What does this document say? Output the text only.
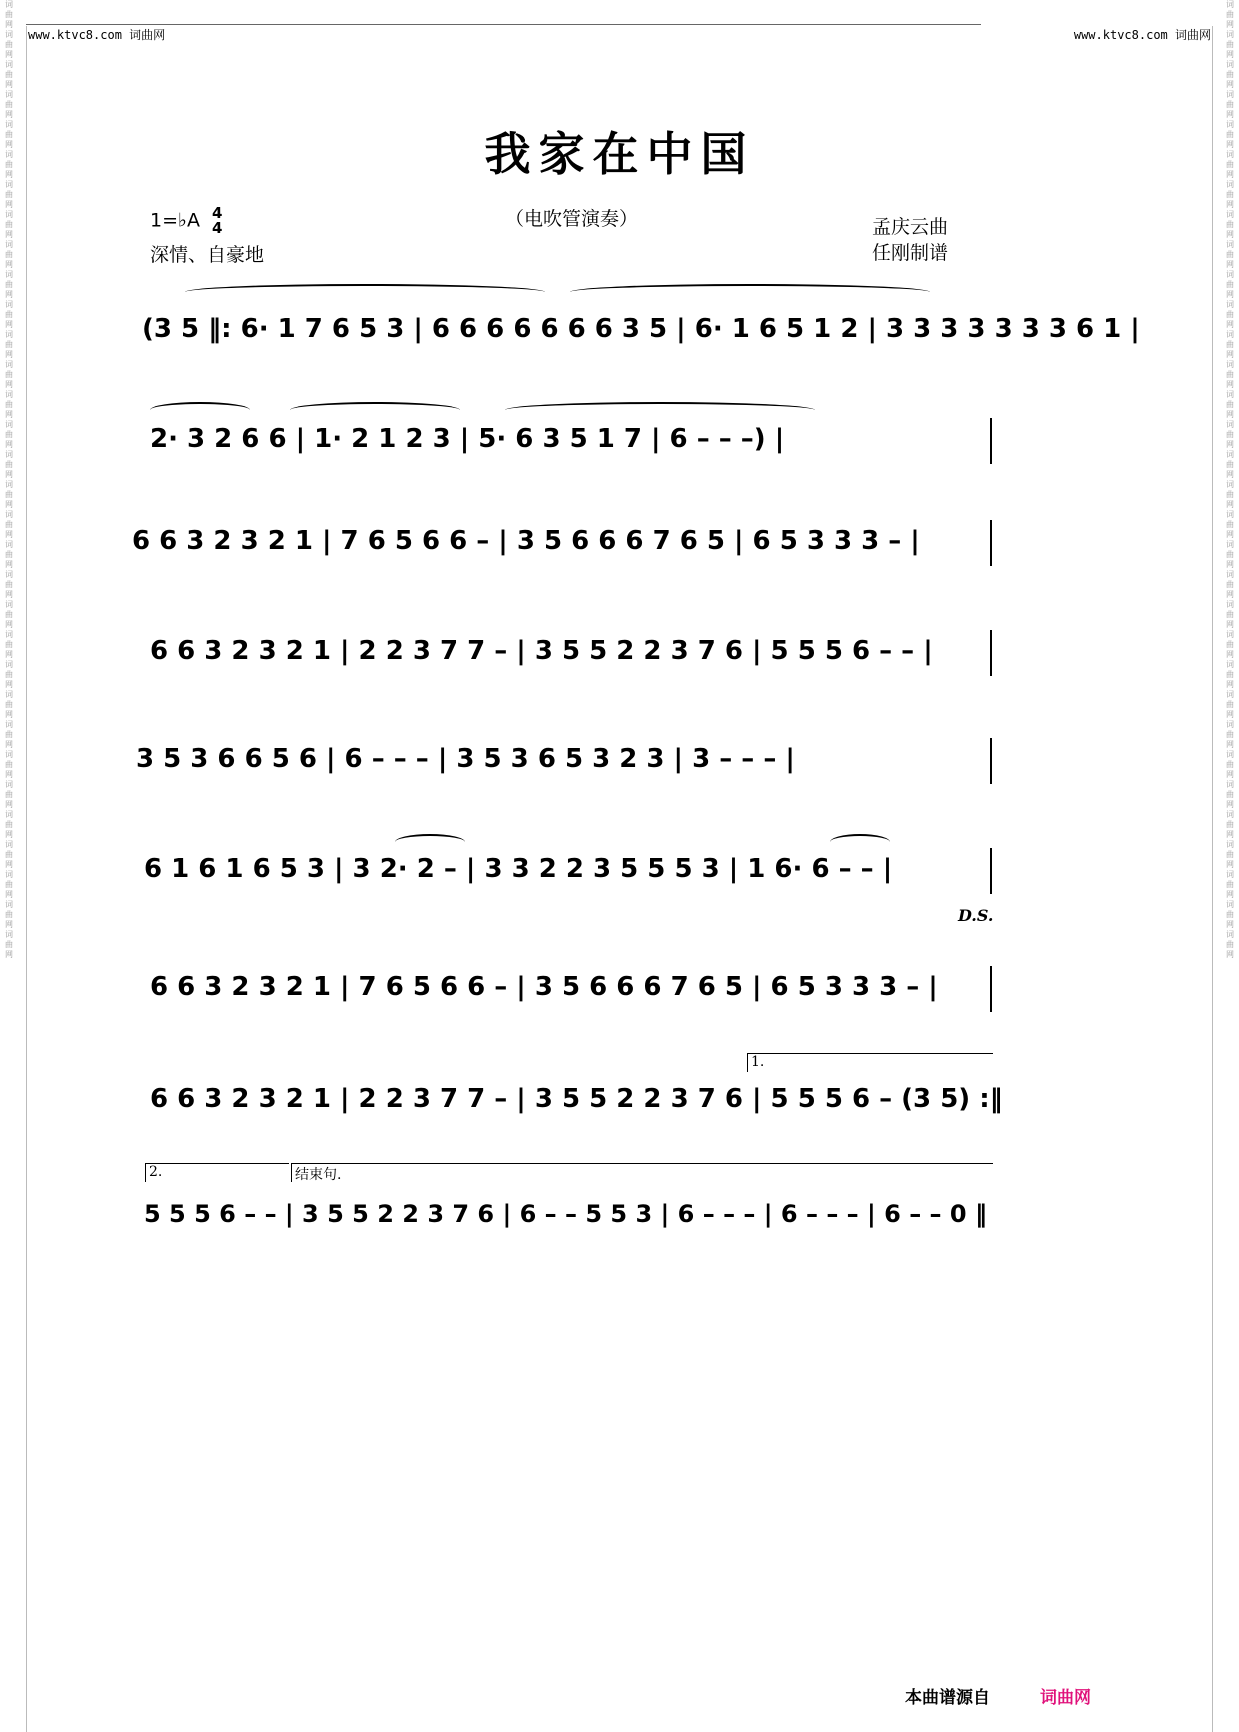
词曲网 词曲网 词曲网 词曲网 词曲网 词曲网 词曲网 词曲网 词曲网 词曲网 词曲网 词曲网 词曲网 词曲网 词曲网 词曲网 词曲网 词曲网 词曲网 词曲网 词曲网 词曲网 词曲网 词曲网 词曲网 词曲网 词曲网 词曲网 词曲网 词曲网 词曲网 词曲网
词曲网 词曲网 词曲网 词曲网 词曲网 词曲网 词曲网 词曲网 词曲网 词曲网 词曲网 词曲网 词曲网 词曲网 词曲网 词曲网 词曲网 词曲网 词曲网 词曲网 词曲网 词曲网 词曲网 词曲网 词曲网 词曲网 词曲网 词曲网 词曲网 词曲网 词曲网 词曲网
www.ktvc8.com 词曲网	www.ktvc8.com 词曲网
我家在中国
1=♭A 4
4
深情、自豪地
（电吹管演奏）	孟庆云曲
任刚制谱
(3 5 ‖: 6· 1 7 6 5 3 | 6 6 6 6 6 6 6 3 5 | 6· 1 6 5 1 2 | 3 3 3 3 3 3 3 6 1 |
2· 3 2 6 6 | 1· 2 1 2 3 | 5· 6 3 5 1 7 | 6 – – –) |
6 6 3 2 3 2 1 | 7 6 5 6 6 – | 3 5 6 6 6 7 6 5 | 6 5 3 3 3 – |
6 6 3 2 3 2 1 | 2 2 3 7 7 – | 3 5 5 2 2 3 7 6 | 5 5 5 6 – – |
3 5 3 6 6 5 6 | 6 – – – | 3 5 3 6 5 3 2 3 | 3 – – – |
6 1 6 1 6 5 3 | 3 2· 2 – | 3 3 2 2 3 5 5 5 3 | 1 6· 6 – – |
D.S.
6 6 3 2 3 2 1 | 7 6 5 6 6 – | 3 5 6 6 6 7 6 5 | 6 5 3 3 3 – |
1.
6 6 3 2 3 2 1 | 2 2 3 7 7 – | 3 5 5 2 2 3 7 6 | 5 5 5 6 – (3 5) :‖
2.	结束句.
5 5 5 6 – – | 3 5 5 2 2 3 7 6 | 6 – – 5 5 3 | 6 – – – | 6 – – – | 6 – – 0 ‖
本曲谱源自	词曲网
